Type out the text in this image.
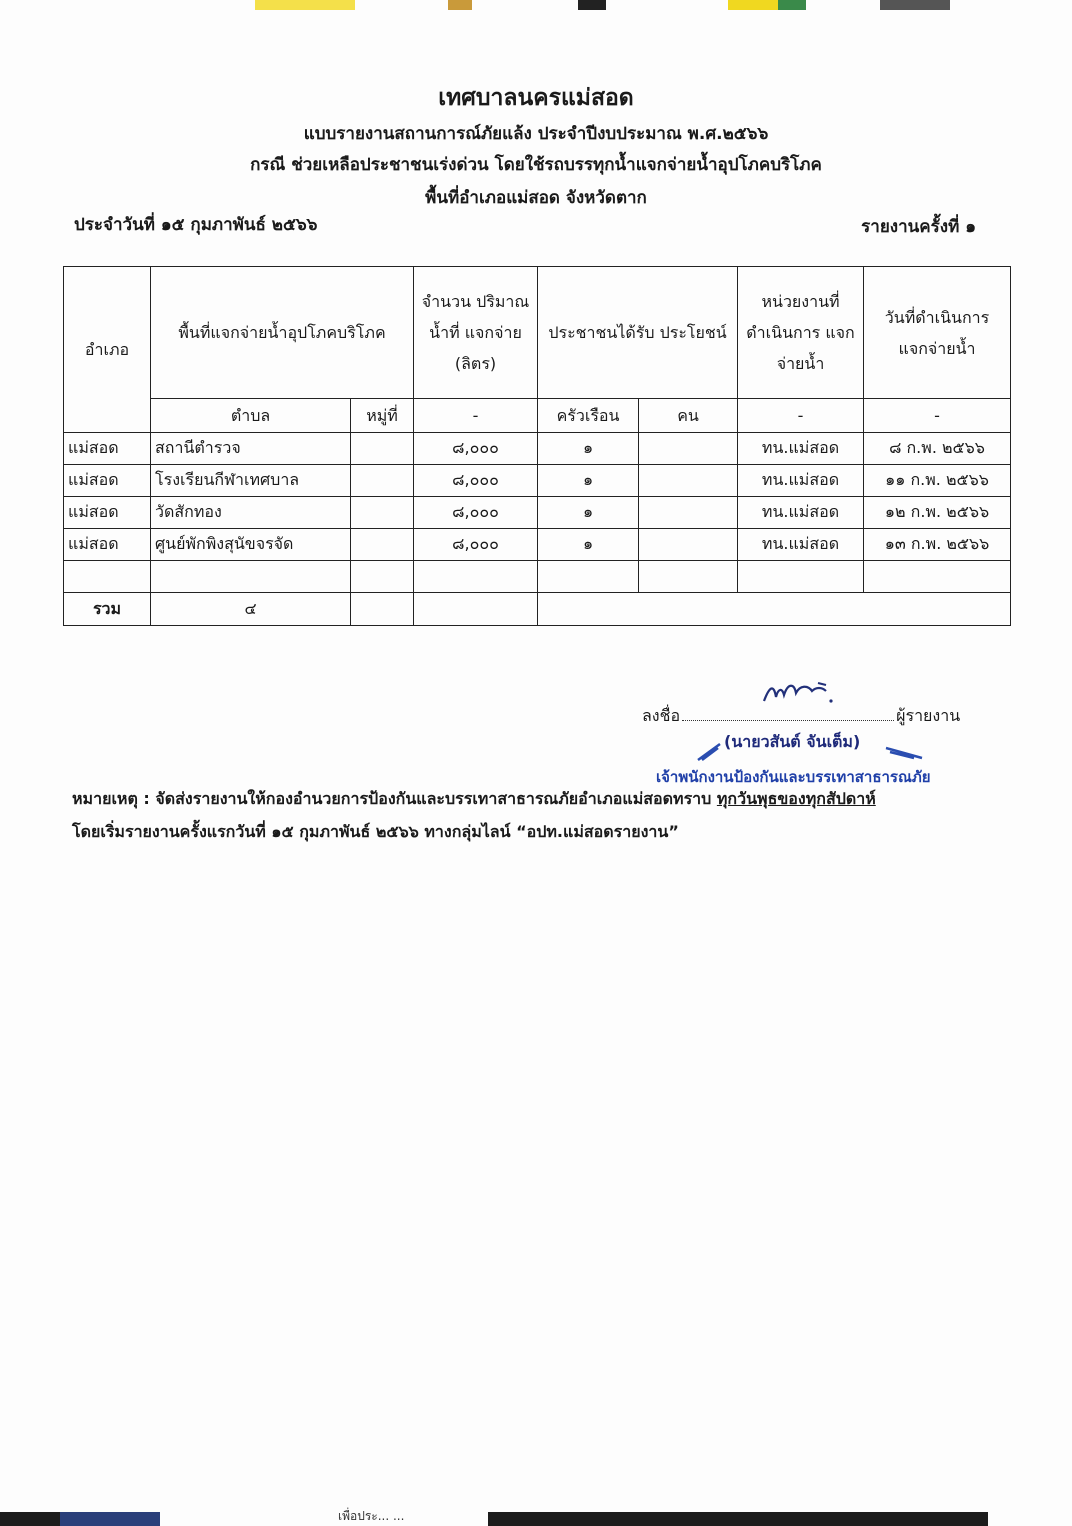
เทศบาลนครแม่สอด
แบบรายงานสถานการณ์ภัยแล้ง ประจำปีงบประมาณ พ.ศ.๒๕๖๖
กรณี ช่วยเหลือประชาชนเร่งด่วน โดยใช้รถบรรทุกน้ำแจกจ่ายน้ำอุปโภคบริโภค
พื้นที่อำเภอแม่สอด จังหวัดตาก
ประจำวันที่ ๑๕ กุมภาพันธ์ ๒๕๖๖	รายงานครั้งที่ ๑
อำเภอ	พื้นที่แจกจ่ายน้ำอุปโภคบริโภค		จำนวน ปริมาณน้ำที่ แจกจ่าย (ลิตร)	ประชาชนได้รับ ประโยชน์		หน่วยงานที่ ดำเนินการ แจกจ่ายน้ำ	วันที่ดำเนินการ แจกจ่ายน้ำ
	ตำบล	หมู่ที่	-	ครัวเรือน	คน	-	-
แม่สอด	สถานีตำรวจ		๘,๐๐๐	๑		ทน.แม่สอด	๘ ก.พ. ๒๕๖๖
แม่สอด	โรงเรียนกีฬาเทศบาล		๘,๐๐๐	๑		ทน.แม่สอด	๑๑ ก.พ. ๒๕๖๖
แม่สอด	วัดสักทอง		๘,๐๐๐	๑		ทน.แม่สอด	๑๒ ก.พ. ๒๕๖๖
แม่สอด	ศูนย์พักพิงสุนัขจรจัด		๘,๐๐๐	๑		ทน.แม่สอด	๑๓ ก.พ. ๒๕๖๖

รวม	๔						
ลงชื่อ	ผู้รายงาน
(นายวสันต์ จันเต็ม)
เจ้าพนักงานป้องกันและบรรเทาสาธารณภัย
หมายเหตุ : จัดส่งรายงานให้กองอำนวยการป้องกันและบรรเทาสาธารณภัยอำเภอแม่สอดทราบ ทุกวันพุธของทุกสัปดาห์
โดยเริ่มรายงานครั้งแรกวันที่ ๑๕ กุมภาพันธ์ ๒๕๖๖ ทางกลุ่มไลน์ “อปท.แม่สอดรายงาน”
เพื่อประ... ...
